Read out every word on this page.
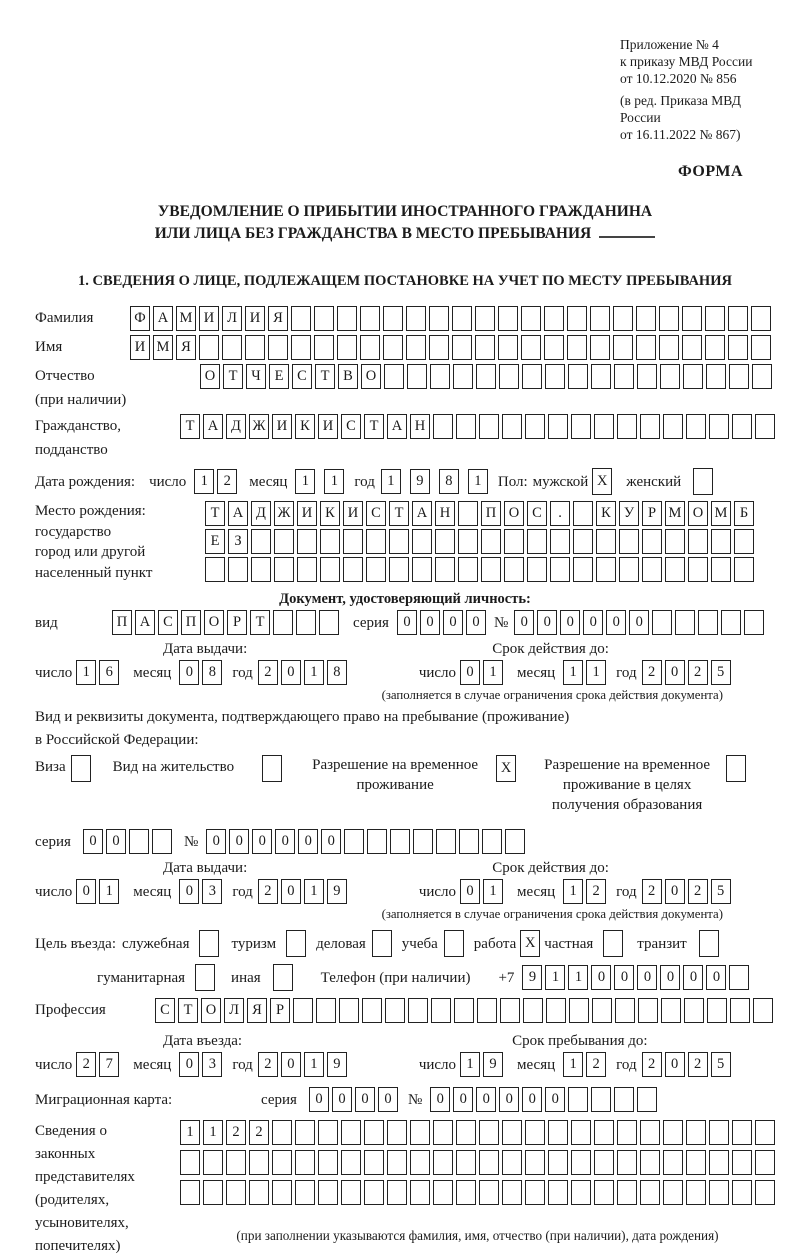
Приложение № 4
к приказу МВД России
от 10.12.2020 № 856
(в ред. Приказа МВД России
от 16.11.2022 № 867)
ФОРМА
УВЕДОМЛЕНИЕ О ПРИБЫТИИ ИНОСТРАННОГО ГРАЖДАНИНА
ИЛИ ЛИЦА БЕЗ ГРАЖДАНСТВА В МЕСТО ПРЕБЫВАНИЯ
1. СВЕДЕНИЯ О ЛИЦЕ, ПОДЛЕЖАЩЕМ ПОСТАНОВКЕ НА УЧЕТ ПО МЕСТУ ПРЕБЫВАНИЯ
Фамилия	Ф А М И Л И Я
Имя	И М Я
Отчество
(при наличии)
О Т Ч Е С Т В О
Гражданство,
подданство
Т А Д Ж И К И С Т А Н
Дата рождения: число 1	2	месяц 1	1	год 1	9	8	1	Пол: мужской X	женский
Место рождения:
государство
город или другой
населенный пункт
Т А Д Ж И К И С Т А Н	П О С	.	К У Р М О М Б
Е	З
Документ, удостоверяющий личность:
вид	П А С П О Р	Т	серия 0	0	0	0 № 0	0	0	0	0	0
Дата выдачи:	Срок действия до:
число 1	6	месяц 0	8	год 2	0	1	8	число 0	1	месяц 1	1	год 2	0	2	5
(заполняется в случае ограничения срока действия документа)
Вид и реквизиты документа, подтверждающего право на пребывание (проживание)
в Российской Федерации:
Виза	Вид на жительство	Разрешение на временное
проживание
X	Разрешение на временное
проживание в целях
получения образования
серия	0	0	№ 0	0	0	0	0	0
Дата выдачи:	Срок действия до:
число 0	1	месяц 0	3	год 2	0	1	9	число 0	1	месяц 1	2	год 2	0	2	5
(заполняется в случае ограничения срока действия документа)
Цель въезда: служебная	туризм	деловая учеба работа X частная	транзит
гуманитарная	иная	Телефон (при наличии) +7 9	1	1	0	0	0	0	0	0
Профессия	С Т О Л Я Р
Дата въезда:	Срок пребывания до:
число 2	7	месяц 0	3	год 2	0	1	9	число 1	9	месяц 1	2	год 2	0	2	5
Миграционная карта:	серия	0	0	0	0	№ 0	0	0	0	0	0
Сведения о
законных
представителях
(родителях,
усыновителях,
попечителях)
1	1	2	2
(при заполнении указываются фамилия, имя, отчество (при наличии), дата рождения)
